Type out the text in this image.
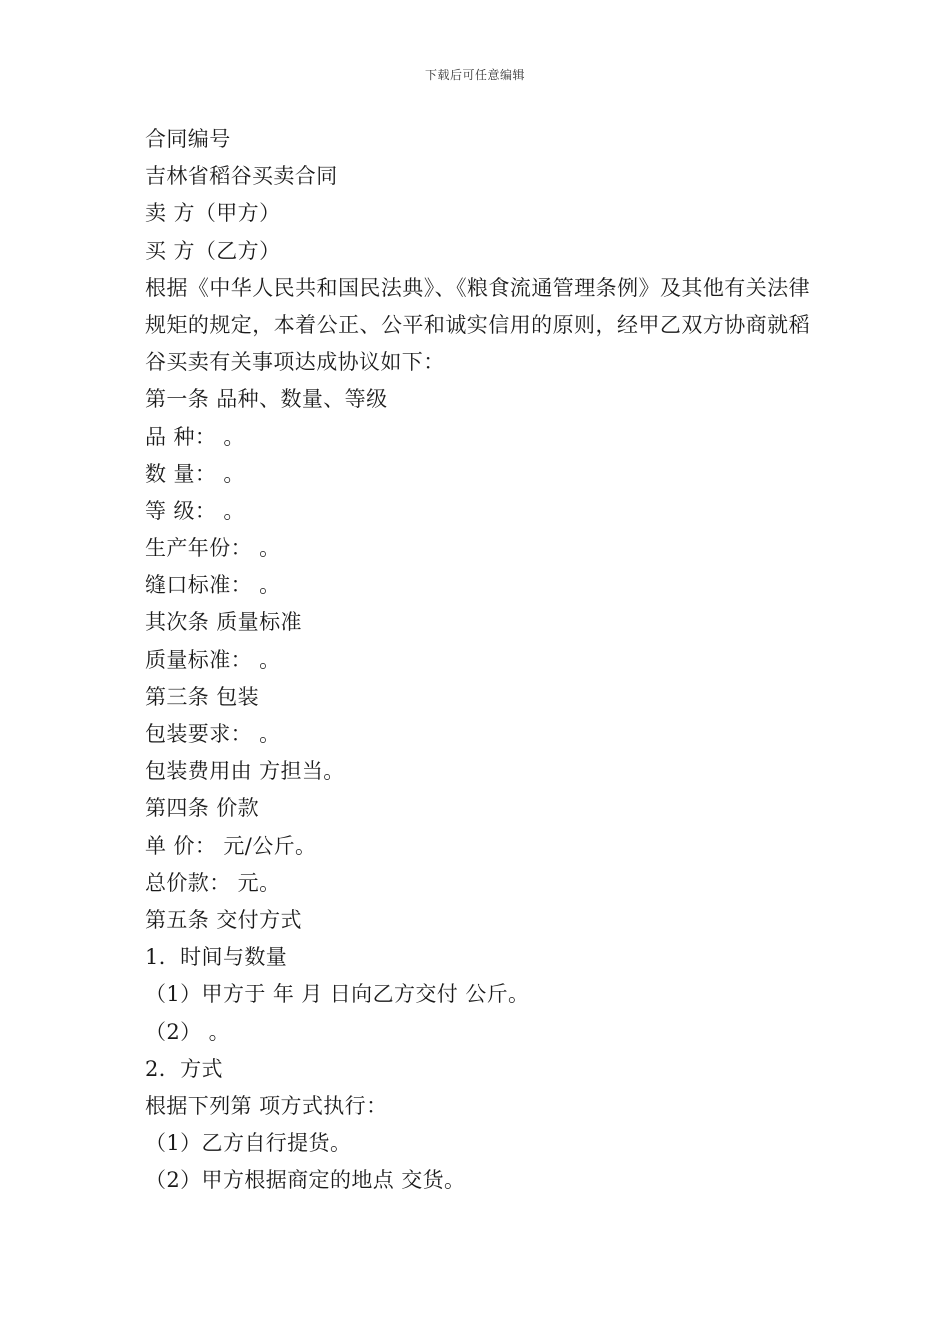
下载后可任意编辑
合同编号
吉林省稻谷买卖合同
卖 方（甲方）
买 方（乙方）
根据《中华人民共和国民法典》、《粮食流通管理条例》及其他有关法律规矩的规定，本着公正、公平和诚实信用的原则，经甲乙双方协商就稻谷买卖有关事项达成协议如下：
第一条 品种、数量、等级
品 种： 。
数 量： 。
等 级： 。
生产年份： 。
缝口标准： 。
其次条 质量标准
质量标准： 。
第三条 包装
包装要求： 。
包装费用由 方担当。
第四条 价款
单 价： 元/公斤。
总价款： 元。
第五条 交付方式
1．时间与数量
（1）甲方于 年 月 日向乙方交付 公斤。
（2） 。
2．方式
根据下列第 项方式执行：
（1）乙方自行提货。
（2）甲方根据商定的地点 交货。
